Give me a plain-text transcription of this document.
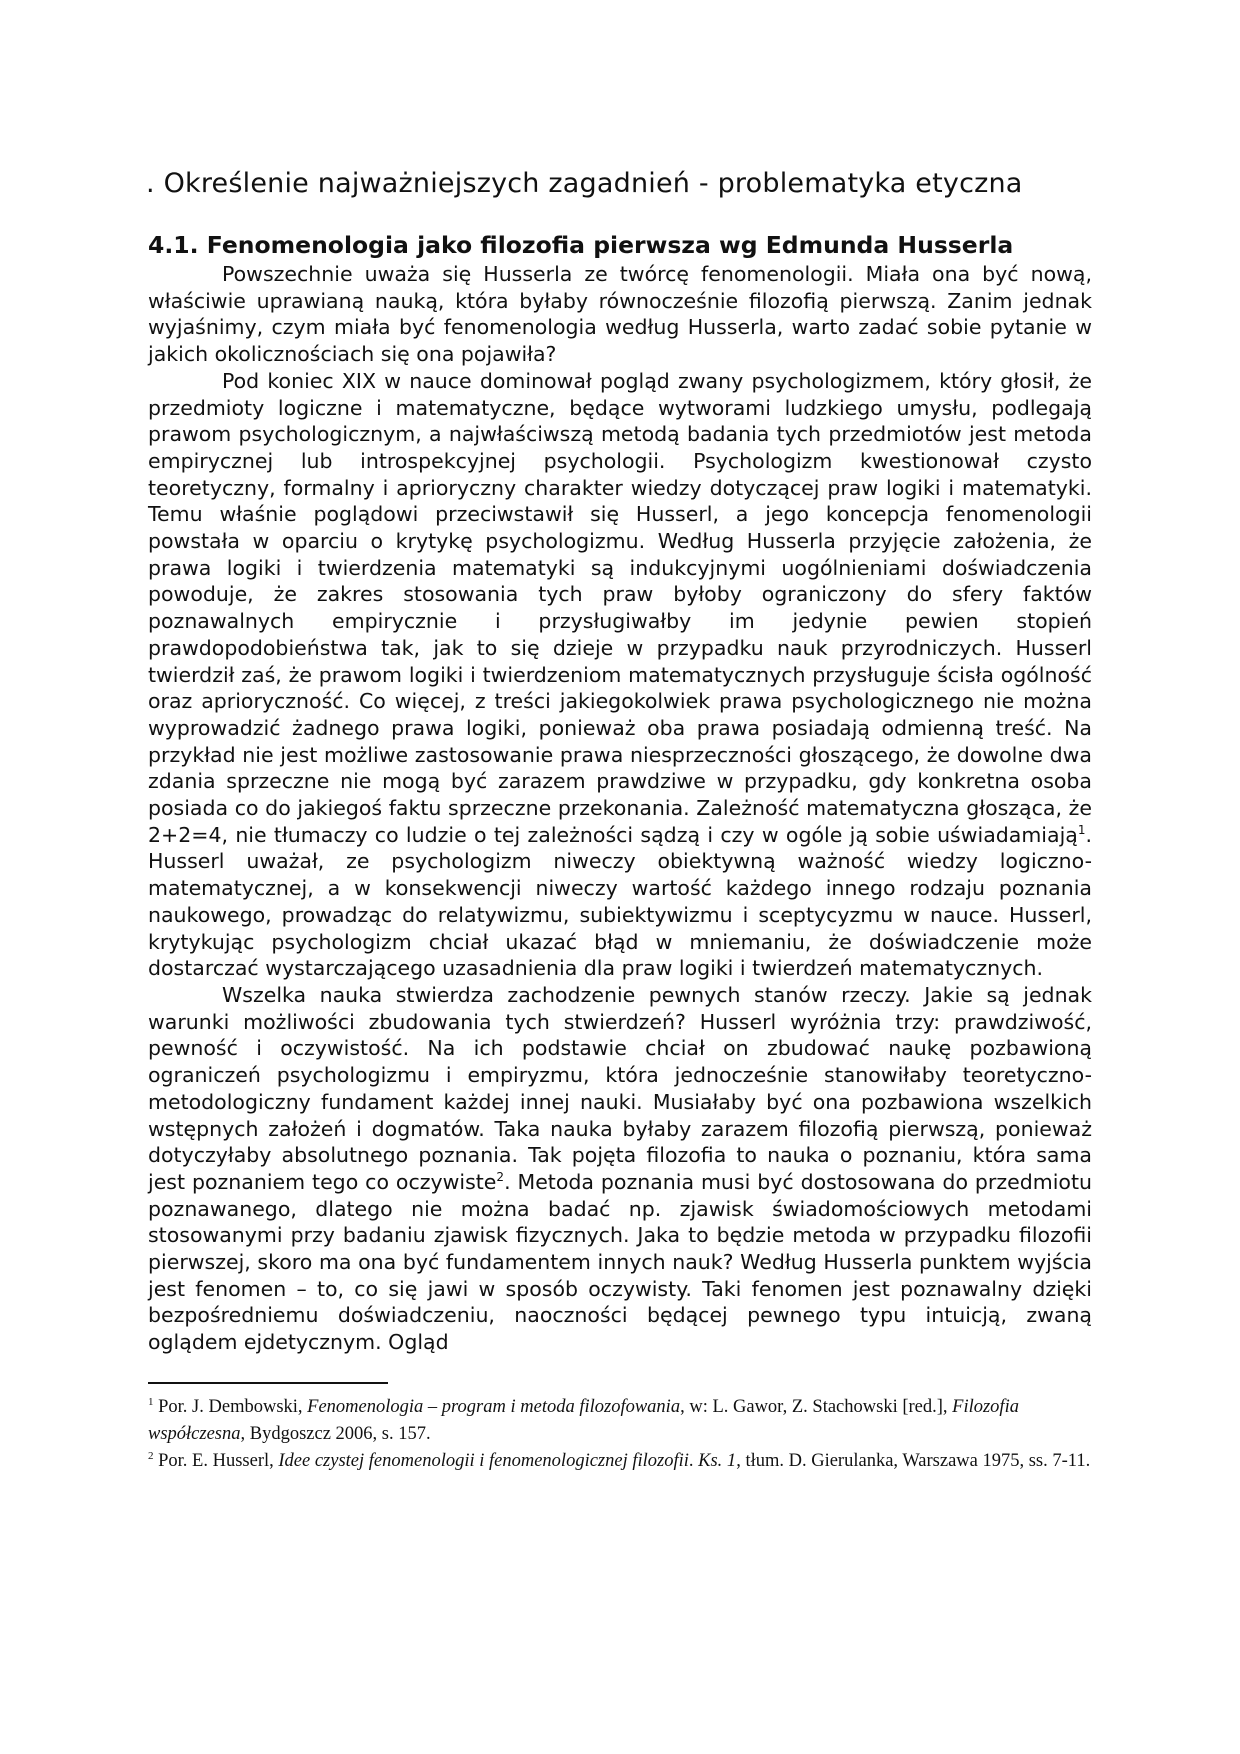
. Określenie najważniejszych zagadnień - problematyka etyczna
4.1. Fenomenologia jako filozofia pierwsza wg Edmunda Husserla

Powszechnie uważa się Husserla ze twórcę fenomenologii. Miała ona być nową, właściwie uprawianą nauką, która byłaby równocześnie filozofią pierwszą. Zanim jednak wyjaśnimy, czym miała być fenomenologia według Husserla, warto zadać sobie pytanie w jakich okolicznościach się ona pojawiła?

Pod koniec XIX w nauce dominował pogląd zwany psychologizmem, który głosił, że przedmioty logiczne i matematyczne, będące wytworami ludzkiego umysłu, podlegają prawom psychologicznym, a najwłaściwszą metodą badania tych przedmiotów jest metoda empirycznej lub introspekcyjnej psychologii. Psychologizm kwestionował czysto teoretyczny, formalny i aprioryczny charakter wiedzy dotyczącej praw logiki i matematyki. Temu właśnie poglądowi przeciwstawił się Husserl, a jego koncepcja fenomenologii powstała w oparciu o krytykę psychologizmu. Według Husserla przyjęcie założenia, że prawa logiki i twierdzenia matematyki są indukcyjnymi uogólnieniami doświadczenia powoduje, że zakres stosowania tych praw byłoby ograniczony do sfery faktów poznawalnych empirycznie i przysługiwałby im jedynie pewien stopień prawdopodobieństwa tak, jak to się dzieje w przypadku nauk przyrodniczych. Husserl twierdził zaś, że prawom logiki i twierdzeniom matematycznych przysługuje ścisła ogólność oraz aprioryczność. Co więcej, z treści jakiegokolwiek prawa psychologicznego nie można wyprowadzić żadnego prawa logiki, ponieważ oba prawa posiadają odmienną treść. Na przykład nie jest możliwe zastosowanie prawa niesprzeczności głoszącego, że dowolne dwa zdania sprzeczne nie mogą być zarazem prawdziwe w przypadku, gdy konkretna osoba posiada co do jakiegoś faktu sprzeczne przekonania. Zależność matematyczna głosząca, że 2+2=4, nie tłumaczy co ludzie o tej zależności sądzą i czy w ogóle ją sobie uświadamiają$^1$. Husserl uważał, ze psychologizm niweczy obiektywną ważność wiedzy logiczno-matematycznej, a w konsekwencji niweczy wartość każdego innego rodzaju poznania naukowego, prowadząc do relatywizmu, subiektywizmu i sceptycyzmu w nauce. Husserl, krytykując psychologizm chciał ukazać błąd w mniemaniu, że doświadczenie może dostarczać wystarczającego uzasadnienia dla praw logiki i twierdzeń matematycznych.

Wszelka nauka stwierdza zachodzenie pewnych stanów rzeczy. Jakie są jednak warunki możliwości zbudowania tych stwierdzeń? Husserl wyróżnia trzy: prawdziwość, pewność i oczywistość. Na ich podstawie chciał on zbudować naukę pozbawioną ograniczeń psychologizmu i empiryzmu, która jednocześnie stanowiłaby teoretyczno-metodologiczny fundament każdej innej nauki. Musiałaby być ona pozbawiona wszelkich wstępnych założeń i dogmatów. Taka nauka byłaby zarazem filozofią pierwszą, ponieważ dotyczyłaby absolutnego poznania. Tak pojęta filozofia to nauka o poznaniu, która sama jest poznaniem tego co oczywiste$^2$. Metoda poznania musi być dostosowana do przedmiotu poznawanego, dlatego nie można badać np. zjawisk świadomościowych metodami stosowanymi przy badaniu zjawisk fizycznych. Jaka to będzie metoda w przypadku filozofii pierwszej, skoro ma ona być fundamentem innych nauk? Według Husserla punktem wyjścia jest fenomen – to, co się jawi w sposób oczywisty. Taki fenomen jest poznawalny dzięki bezpośredniemu doświadczeniu, naoczności będącej pewnego typu intuicją, zwaną oglądem ejdetycznym. Ogląd

$^1$ Por. J. Dembowski, Fenomenologia – program i metoda filozofowania, w: L. Gawor, Z. Stachowski [red.], Filozofia współczesna, Bydgoszcz 2006, s. 157.

$^2$ Por. E. Husserl, Idee czystej fenomenologii i fenomenologicznej filozofii. Ks. 1, tłum. D. Gierulanka, Warszawa 1975, ss. 7-11.
